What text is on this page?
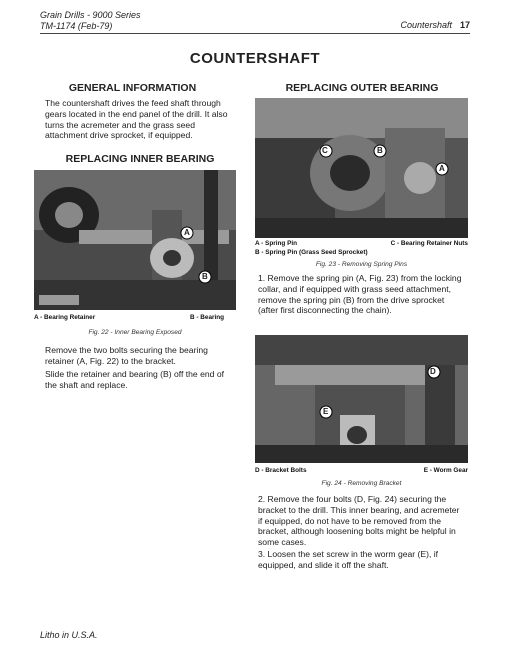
Grain Drills - 9000 Series
TM-1174 (Feb-79)	Countershaft 17
COUNTERSHAFT
GENERAL INFORMATION

The countershaft drives the feed shaft through gears located in the end panel of the drill. It also turns the acremeter and the grass seed attachment drive sprocket, if equipped.

REPLACING INNER BEARING
A
B
A - Bearing Retainer	B - Bearing
Fig. 22 - Inner Bearing Exposed

Remove the two bolts securing the bearing retainer (A, Fig. 22) to the bracket.

Slide the retainer and bearing (B) off the end of the shaft and replace.

REPLACING OUTER BEARING
C	B
A
A - Spring Pin	C - Bearing Retainer Nuts
B - Spring Pin (Grass Seed Sprocket)
Fig. 23 - Removing Spring Pins

1. Remove the spring pin (A, Fig. 23) from the locking collar, and if equipped with grass seed attachment, remove the spring pin (B) from the drive sprocket (after first disconnecting the chain).

D
E
D - Bracket Bolts	E - Worm Gear
Fig. 24 - Removing Bracket

2. Remove the four bolts (D, Fig. 24) securing the bracket to the drill. This inner bearing, and acremeter if equipped, do not have to be removed from the bracket, although loosening bolts might be helpful in some cases.

3. Loosen the set screw in the worm gear (E), if equipped, and slide it off the shaft.

Litho in U.S.A.
